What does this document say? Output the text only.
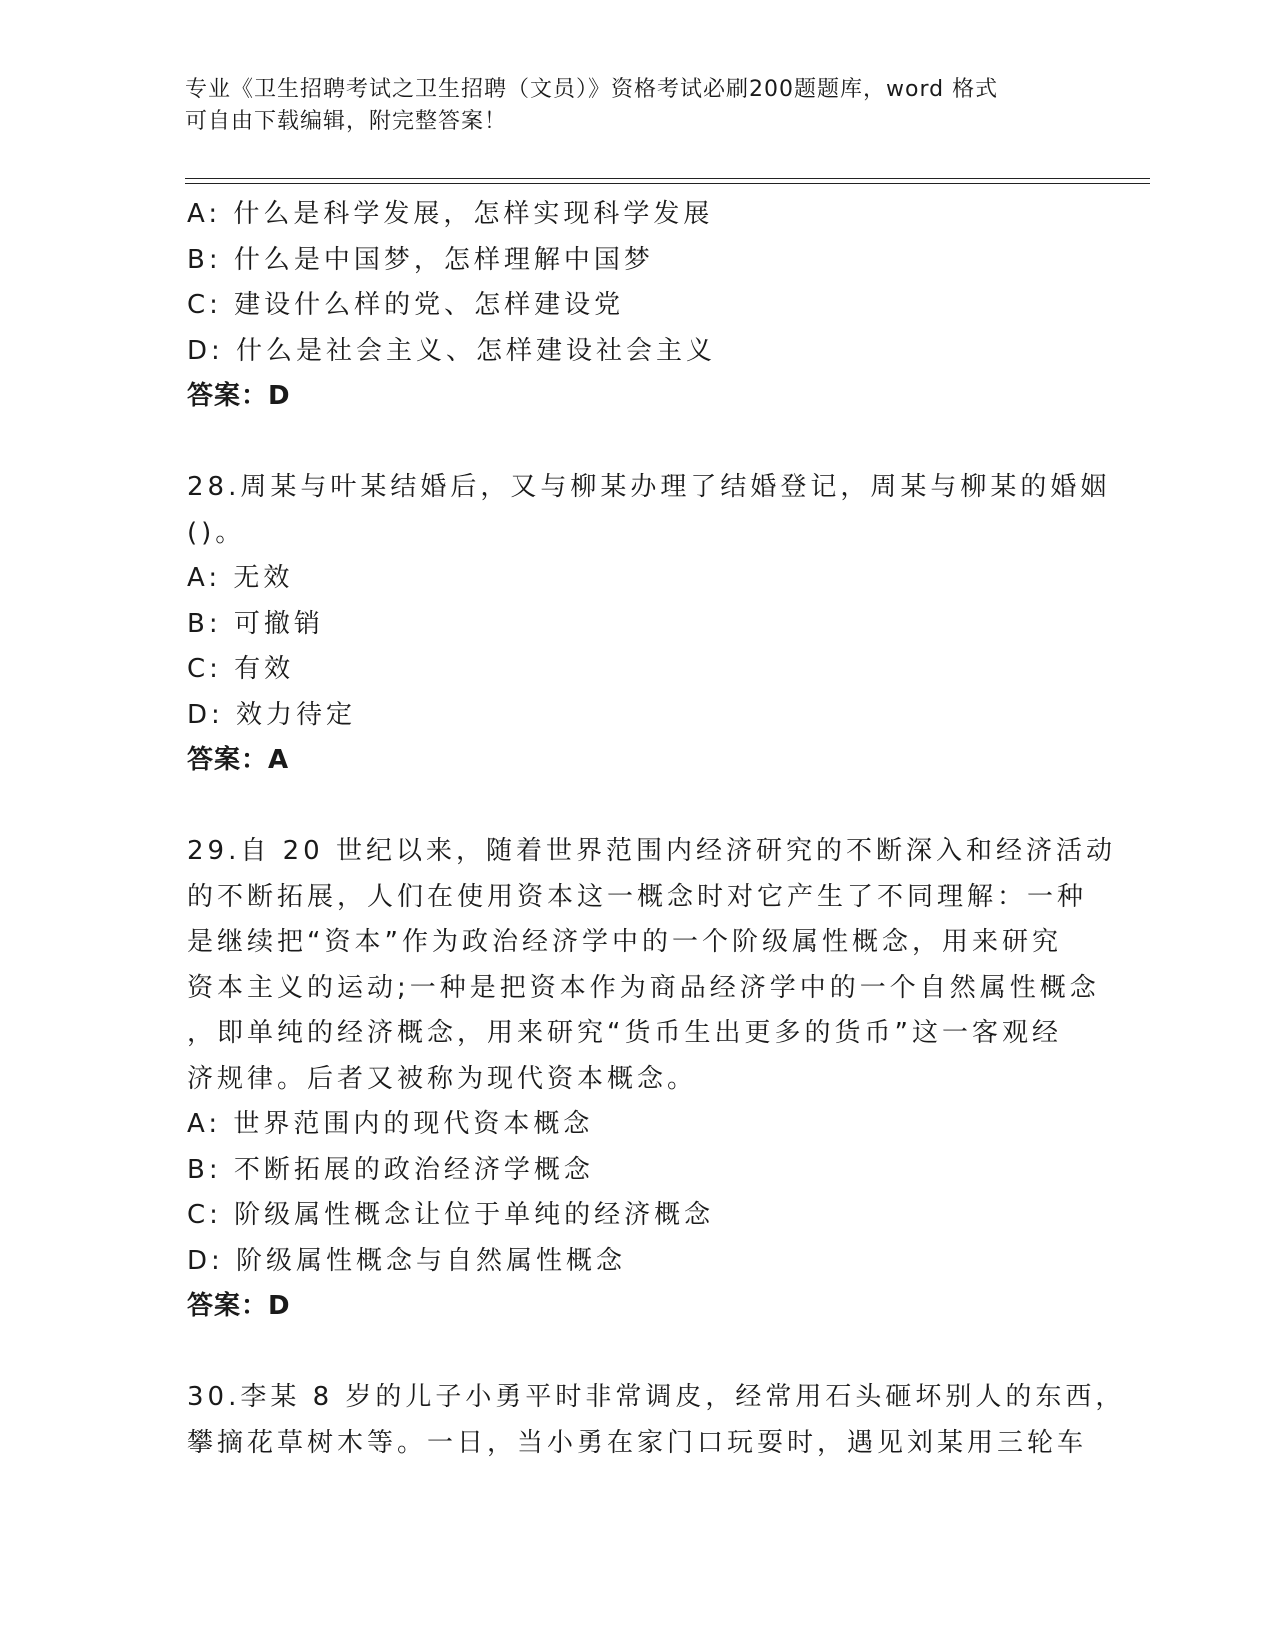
专业《卫生招聘考试之卫生招聘（文员）》资格考试必刷200题题库，word 格式
可自由下载编辑，附完整答案！
A: 什么是科学发展，怎样实现科学发展
B: 什么是中国梦，怎样理解中国梦
C: 建设什么样的党、怎样建设党
D: 什么是社会主义、怎样建设社会主义
答案：D
28.周某与叶某结婚后，又与柳某办理了结婚登记，周某与柳某的婚姻
()。
A: 无效
B: 可撤销
C: 有效
D: 效力待定
答案：A
29.自 20 世纪以来，随着世界范围内经济研究的不断深入和经济活动
的不断拓展，人们在使用资本这一概念时对它产生了不同理解：一种
是继续把“资本”作为政治经济学中的一个阶级属性概念，用来研究
资本主义的运动;一种是把资本作为商品经济学中的一个自然属性概念
，即单纯的经济概念，用来研究“货币生出更多的货币”这一客观经
济规律。后者又被称为现代资本概念。
A: 世界范围内的现代资本概念
B: 不断拓展的政治经济学概念
C: 阶级属性概念让位于单纯的经济概念
D: 阶级属性概念与自然属性概念
答案：D
30.李某 8 岁的儿子小勇平时非常调皮，经常用石头砸坏别人的东西，
攀摘花草树木等。一日，当小勇在家门口玩耍时，遇见刘某用三轮车
